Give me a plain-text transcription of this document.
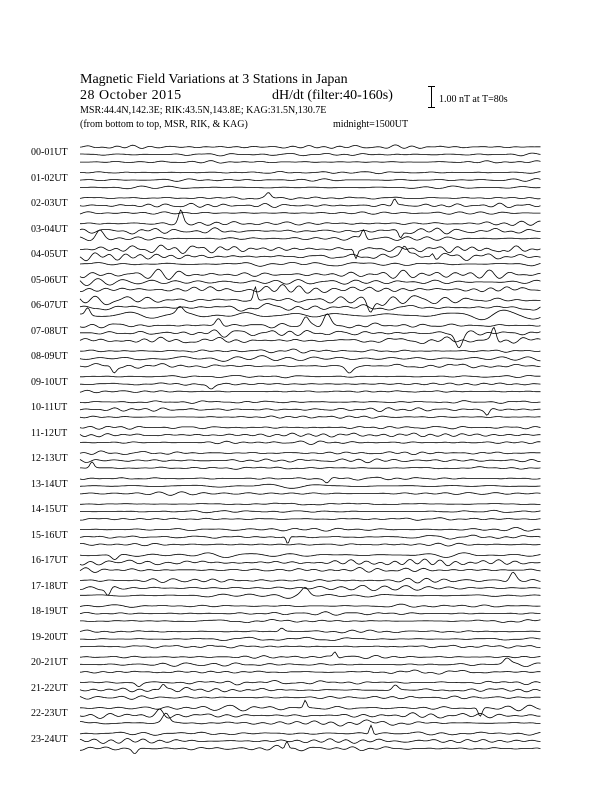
Magnetic Field Variations at 3 Stations in Japan
28 October 2015	dH/dt (filter:40-160s)
MSR:44.4N,142.3E; RIK:43.5N,143.8E; KAG:31.5N,130.7E
(from bottom to top, MSR, RIK, & KAG)	midnight=1500UT
1.00 nT at T=80s
00-01UT
01-02UT
02-03UT
03-04UT
04-05UT
05-06UT
06-07UT
07-08UT
08-09UT
09-10UT
10-11UT
11-12UT
12-13UT
13-14UT
14-15UT
15-16UT
16-17UT
17-18UT
18-19UT
19-20UT
20-21UT
21-22UT
22-23UT
23-24UT
